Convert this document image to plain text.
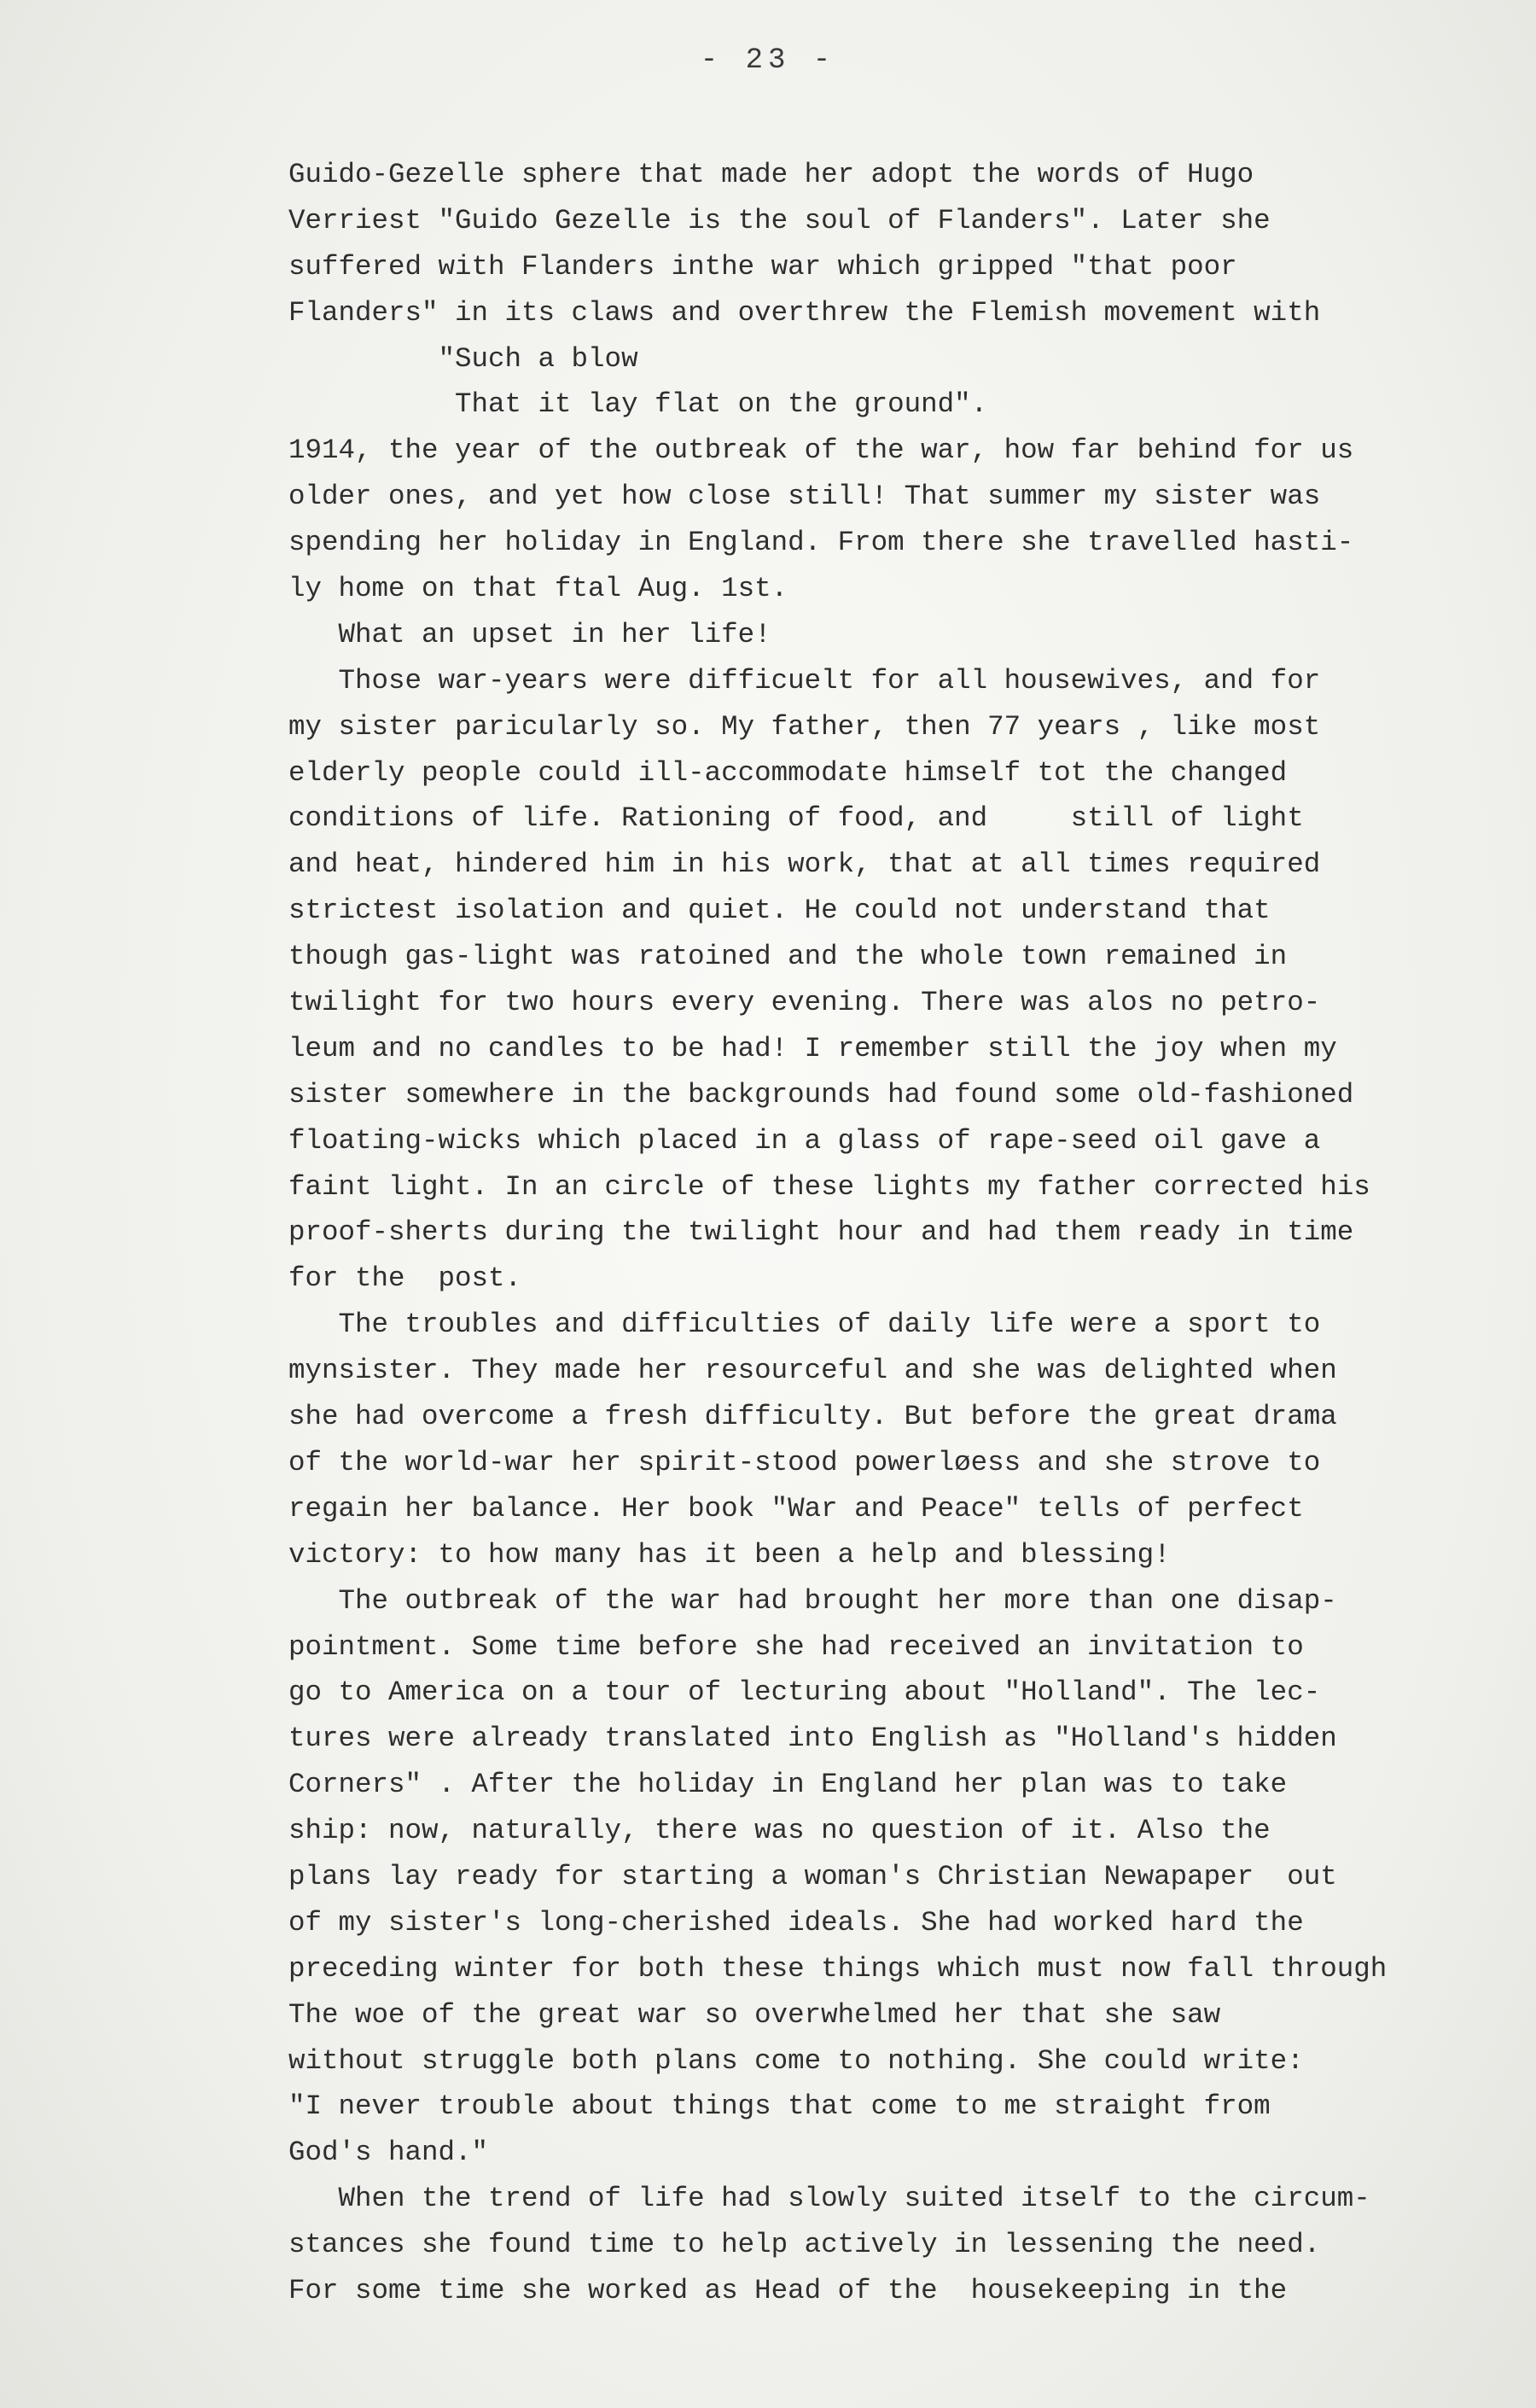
- 23 -
Guido-Gezelle sphere that made her adopt the words of Hugo
Verriest "Guido Gezelle is the soul of Flanders". Later she
suffered with Flanders inthe war which gripped "that poor
Flanders" in its claws and overthrew the Flemish movement with
"Such a blow
That it lay flat on the ground".
1914, the year of the outbreak of the war, how far behind for us
older ones, and yet how close still! That summer my sister was
spending her holiday in England. From there she travelled hasti-
ly home on that ftal Aug. 1st.
What an upset in her life!
Those war-years were difficuelt for all housewives, and for
my sister paricularly so. My father, then 77 years , like most
elderly people could ill-accommodate himself tot the changed
conditions of life. Rationing of food, and     still of light
and heat, hindered him in his work, that at all times required
strictest isolation and quiet. He could not understand that
though gas-light was ratoined and the whole town remained in
twilight for two hours every evening. There was alos no petro-
leum and no candles to be had! I remember still the joy when my
sister somewhere in the backgrounds had found some old-fashioned
floating-wicks which placed in a glass of rape-seed oil gave a
faint light. In an circle of these lights my father corrected his
proof-sherts during the twilight hour and had them ready in time
for the  post.
The troubles and difficulties of daily life were a sport to
mynsister. They made her resourceful and she was delighted when
she had overcome a fresh difficulty. But before the great drama
of the world-war her spirit-stood powerløess and she strove to
regain her balance. Her book "War and Peace" tells of perfect
victory: to how many has it been a help and blessing!
The outbreak of the war had brought her more than one disap-
pointment. Some time before she had received an invitation to
go to America on a tour of lecturing about "Holland". The lec-
tures were already translated into English as "Holland's hidden
Corners" . After the holiday in England her plan was to take
ship: now, naturally, there was no question of it. Also the
plans lay ready for starting a woman's Christian Newapaper  out
of my sister's long-cherished ideals. She had worked hard the
preceding winter for both these things which must now fall through
The woe of the great war so overwhelmed her that she saw
without struggle both plans come to nothing. She could write:
"I never trouble about things that come to me straight from
God's hand."
When the trend of life had slowly suited itself to the circum-
stances she found time to help actively in lessening the need.
For some time she worked as Head of the  housekeeping in the
